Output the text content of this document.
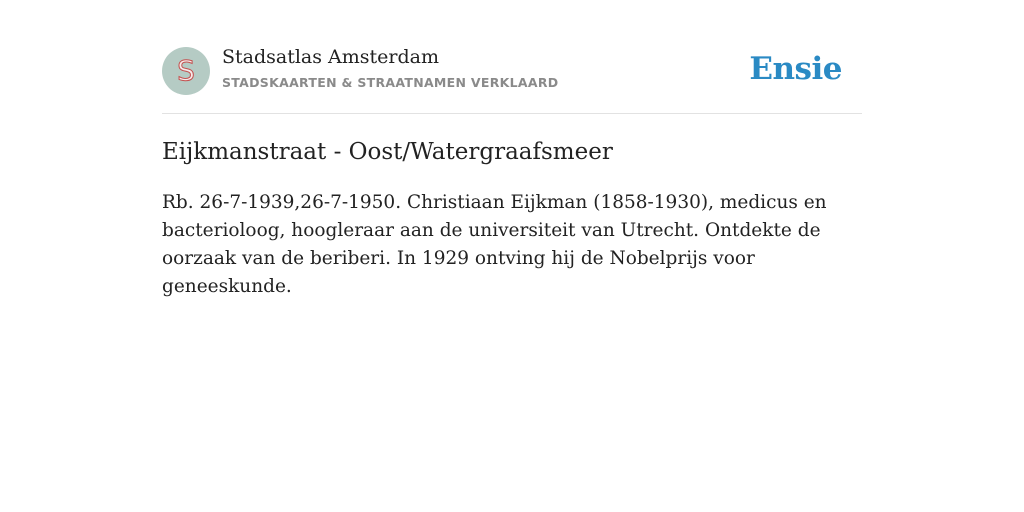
S	Stadsatlas Amsterdam
STADSKAARTEN & STRAATNAMEN VERKLAARD	Ensie
Eijkmanstraat - Oost/Watergraafsmeer

Rb. 26-7-1939,26-7-1950. Christiaan Eijkman (1858-1930), medicus en bacterioloog, hoogleraar aan de universiteit van Utrecht. Ontdekte de oorzaak van de beriberi. In 1929 ontving hij de Nobelprijs voor geneeskunde.
